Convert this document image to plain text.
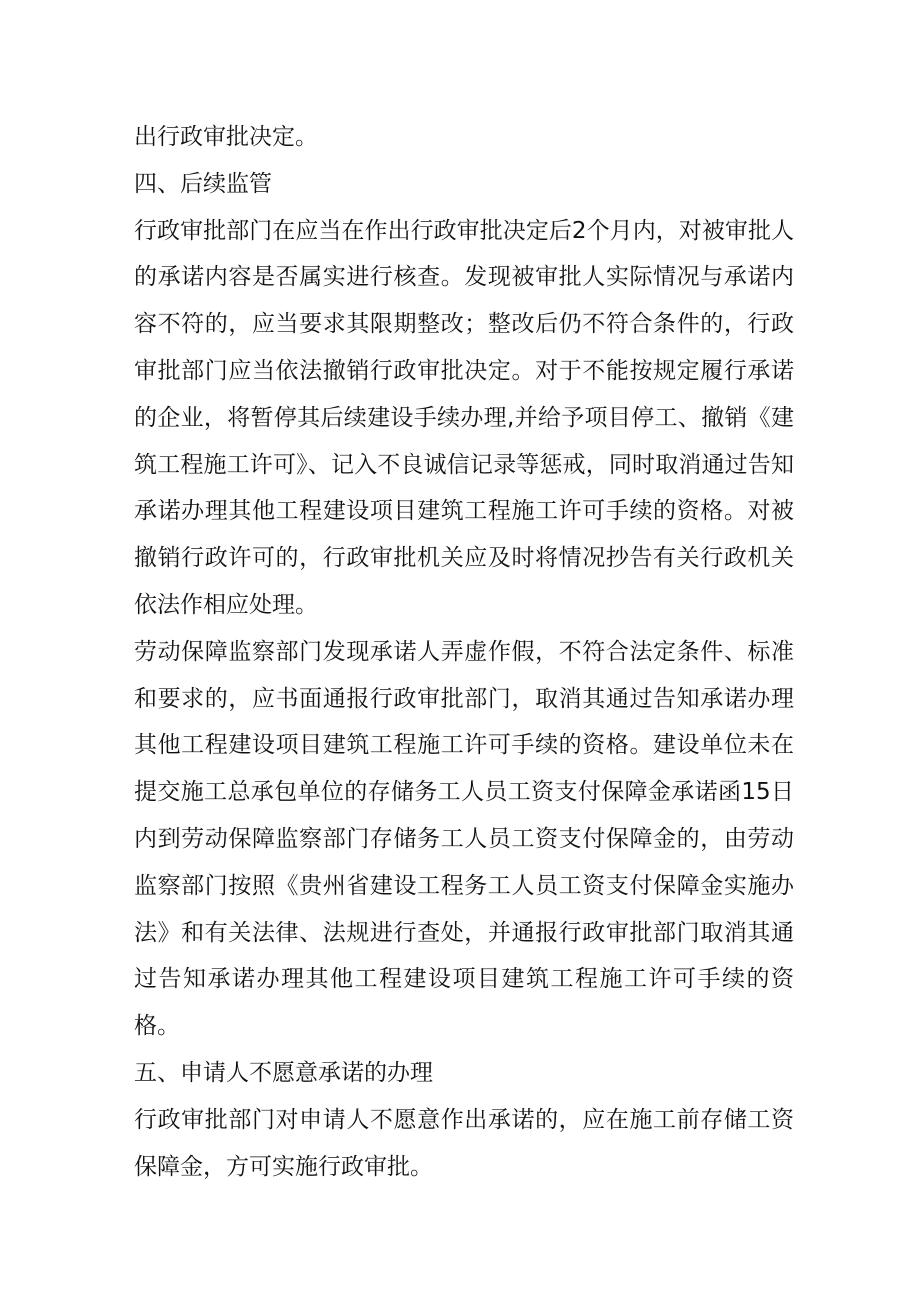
出行政审批决定。

四、后续监管

行政审批部门在应当在作出行政审批决定后2个月内，对被审批人的承诺内容是否属实进行核查。发现被审批人实际情况与承诺内容不符的，应当要求其限期整改；整改后仍不符合条件的，行政审批部门应当依法撤销行政审批决定。对于不能按规定履行承诺的企业，将暂停其后续建设手续办理,并给予项目停工、撤销《建筑工程施工许可》、记入不良诚信记录等惩戒，同时取消通过告知承诺办理其他工程建设项目建筑工程施工许可手续的资格。对被撤销行政许可的，行政审批机关应及时将情况抄告有关行政机关依法作相应处理。

劳动保障监察部门发现承诺人弄虚作假，不符合法定条件、标准和要求的，应书面通报行政审批部门，取消其通过告知承诺办理其他工程建设项目建筑工程施工许可手续的资格。建设单位未在提交施工总承包单位的存储务工人员工资支付保障金承诺函15日内到劳动保障监察部门存储务工人员工资支付保障金的，由劳动监察部门按照《贵州省建设工程务工人员工资支付保障金实施办法》和有关法律、法规进行查处，并通报行政审批部门取消其通过告知承诺办理其他工程建设项目建筑工程施工许可手续的资格。

五、申请人不愿意承诺的办理

行政审批部门对申请人不愿意作出承诺的，应在施工前存储工资保障金，方可实施行政审批。
